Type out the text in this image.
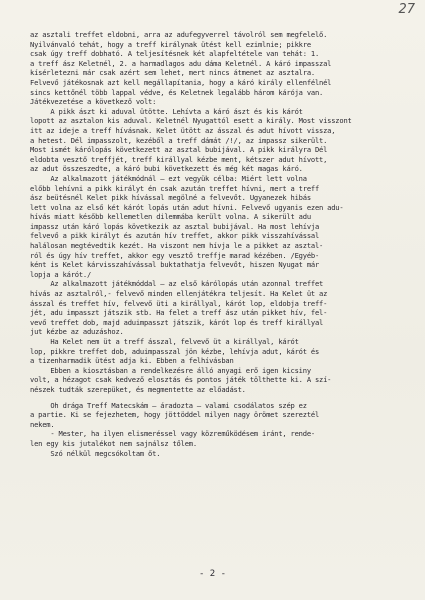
27
az asztali treffet eldobni, arra az adufegyverrel távolról sem megfelelő.
Nyilvánvaló tehát, hogy a treff királynak ütést kell ezimlnie; pikkre
csak úgy treff dobható. A teljesítésnek két alapfeltétele van tehát: 1.
a treff ász Keletnél, 2. a harmadlagos adu dáma Keletnél. A káró impasszal
kísérletezni már csak azért sem lehet, mert nincs átmenet az asztalra.
Felvevő játékosnak azt kell megállapítania, hogy a káró király ellenfélnél
sincs kettőnél több lappal védve, és Keletnek legalább három kárója van.
Játékvezetése a következő volt:
A pikk ászt ki aduval ütötte. Lehívta a káró ászt és kis kárót
lopott az asztalon kis aduval. Keletnél Nyugattól esett a király. Most visszont
itt az ideje a treff hívásnak. Kelet ütött az ásszal és adut hívott vissza,
a hetest. Dél impasszolt, kezéből a treff dámát /!/, az impassz sikerült.
Most ismét kárólopás következett az asztal bubijával. A pikk királyra Dél
eldobta vesztő treffjét, treff királlyal kézbe ment, kétszer adut hívott,
az adut összeszedte, a káró bubi következett és még két magas káró.
Az alkalmazott játékmódnál – ezt vegyük célba: Miért lett volna
előbb lehívni a pikk királyt én csak azután treffet hívni, mert a treff
ász beütésnél Kelet pikk hívással megölné a felvevőt. Ugyanezek hibás
lett volna az első két kárót lopás után adut hívni. Felvevő ugyanis ezen adu-
hívás miatt később kellemetlen dilemmába került volna. A sikerült adu
impassz után káró lopás következik az asztal bubijával. Ha most lehívja
felvevő a pikk királyt és azután hív treffet, akkor pikk visszahívással
halálosan megtévedtik kezét. Ha viszont nem hívja le a pikket az asztal-
ról és úgy hív treffet, akkor egy vesztő treffje marad kézében. /Egyéb-
ként is Kelet kárvisszahívással buktathatja felvevőt, hiszen Nyugat már
lopja a kárót./
Az alkalmazott játékmóddal – az első kárólopás után azonnal treffet
hívás az asztalról,- felvevő minden ellenjátékra teljesít. Ha Kelet üt az
ásszal és treffet hív, felvevő üti a királlyal, kárót lop, eldobja treff-
jét, adu impasszt játszik stb. Ha felet a treff ász után pikket hív, fel-
vevő treffet dob, majd aduimpasszt játszik, kárót lop és treff királlyal
jut kézbe az aduzáshoz.
Ha Kelet nem üt a treff ásszal, felvevő üt a királlyal, kárót
lop, pikkre treffet dob, aduimpasszal jön kézbe, lehívja adut, kárót és
a tizenharmadik ütést adja ki. Ebben a felhívásban
Ebben a kiosztásban a rendelkezésre álló anyagi erő igen kicsiny
volt, a hézagot csak kedvező elosztás és pontos játék tölthette ki. A szí-
nészek tudták szerepüket, és megmentette az előadást.
Oh drága Treff Matecskám – áradozta – valami csodálatos szép ez
a partie. Ki se fejezhetem, hogy jöttöddel milyen nagy örömet szereztél
nekem.
- Mester, ha ilyen elismeréssel vagy közreműködésem iránt, rende-
len egy kis jutalékot nem sajnálsz tőlem.
Szó nélkül megcsókoltam őt.
- 2 -
